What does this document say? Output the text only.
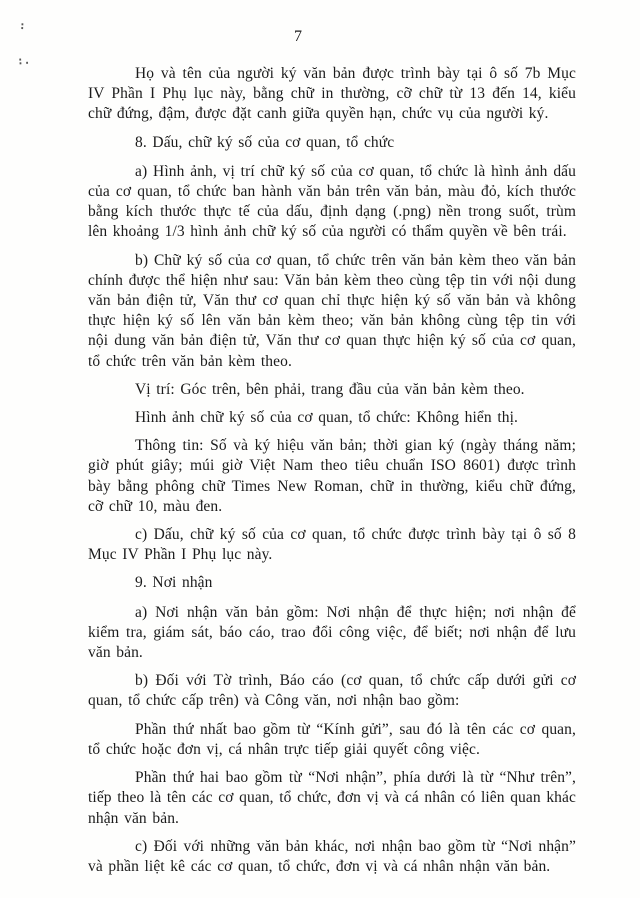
:
:.
7

Họ và tên của người ký văn bản được trình bày tại ô số 7b Mục IV Phần I Phụ lục này, bằng chữ in thường, cỡ chữ từ 13 đến 14, kiểu chữ đứng, đậm, được đặt canh giữa quyền hạn, chức vụ của người ký.

8. Dấu, chữ ký số của cơ quan, tổ chức

a) Hình ảnh, vị trí chữ ký số của cơ quan, tổ chức là hình ảnh dấu của cơ quan, tổ chức ban hành văn bản trên văn bản, màu đỏ, kích thước bằng kích thước thực tế của dấu, định dạng (.png) nền trong suốt, trùm lên khoảng 1/3 hình ảnh chữ ký số của người có thẩm quyền về bên trái.

b) Chữ ký số của cơ quan, tổ chức trên văn bản kèm theo văn bản chính được thể hiện như sau: Văn bản kèm theo cùng tệp tin với nội dung văn bản điện tử, Văn thư cơ quan chỉ thực hiện ký số văn bản và không thực hiện ký số lên văn bản kèm theo; văn bản không cùng tệp tin với nội dung văn bản điện tử, Văn thư cơ quan thực hiện ký số của cơ quan, tổ chức trên văn bản kèm theo.

Vị trí: Góc trên, bên phải, trang đầu của văn bản kèm theo.

Hình ảnh chữ ký số của cơ quan, tổ chức: Không hiển thị.

Thông tin: Số và ký hiệu văn bản; thời gian ký (ngày tháng năm; giờ phút giây; múi giờ Việt Nam theo tiêu chuẩn ISO 8601) được trình bày bằng phông chữ Times New Roman, chữ in thường, kiểu chữ đứng, cỡ chữ 10, màu đen.

c) Dấu, chữ ký số của cơ quan, tổ chức được trình bày tại ô số 8 Mục IV Phần I Phụ lục này.

9. Nơi nhận

a) Nơi nhận văn bản gồm: Nơi nhận để thực hiện; nơi nhận để kiểm tra, giám sát, báo cáo, trao đổi công việc, để biết; nơi nhận để lưu văn bản.

b) Đối với Tờ trình, Báo cáo (cơ quan, tổ chức cấp dưới gửi cơ quan, tổ chức cấp trên) và Công văn, nơi nhận bao gồm:

Phần thứ nhất bao gồm từ “Kính gửi”, sau đó là tên các cơ quan, tổ chức hoặc đơn vị, cá nhân trực tiếp giải quyết công việc.

Phần thứ hai bao gồm từ “Nơi nhận”, phía dưới là từ “Như trên”, tiếp theo là tên các cơ quan, tổ chức, đơn vị và cá nhân có liên quan khác nhận văn bản.

c) Đối với những văn bản khác, nơi nhận bao gồm từ “Nơi nhận” và phần liệt kê các cơ quan, tổ chức, đơn vị và cá nhân nhận văn bản.
